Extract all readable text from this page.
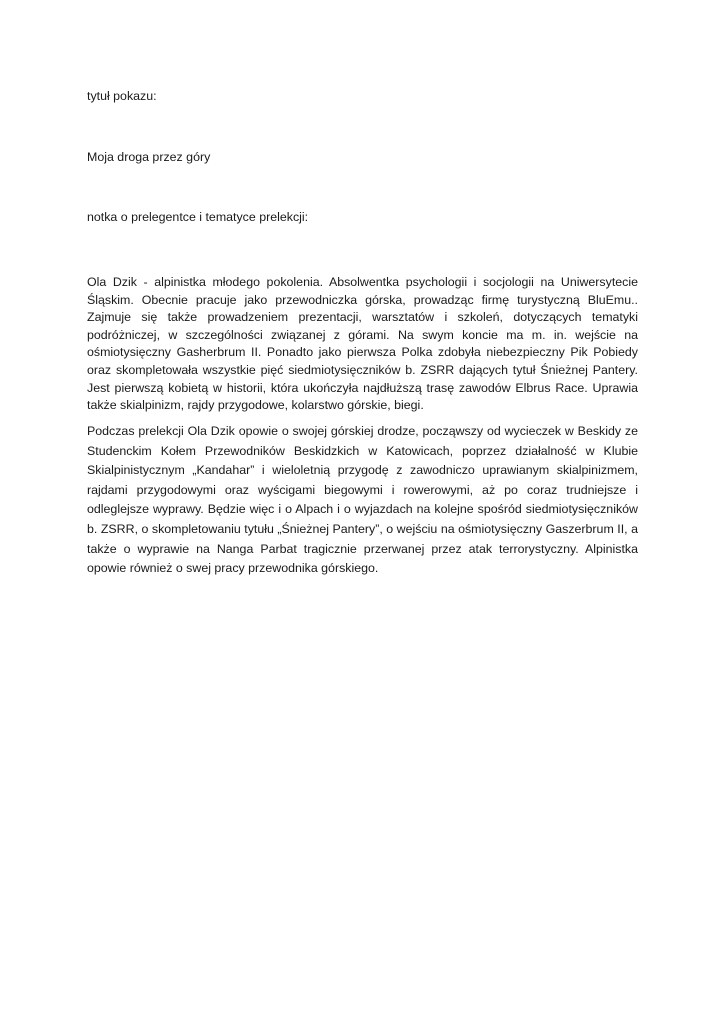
tytuł pokazu:
Moja droga przez góry
notka o prelegentce i tematyce prelekcji:

Ola Dzik - alpinistka młodego pokolenia. Absolwentka psychologii i socjologii na Uniwersytecie Śląskim. Obecnie pracuje jako przewodniczka górska, prowadząc firmę turystyczną BluEmu.. Zajmuje się także prowadzeniem prezentacji, warsztatów i szkoleń, dotyczących tematyki podróżniczej, w szczególności związanej z górami. Na swym koncie ma m. in. wejście na ośmiotysięczny Gasherbrum II. Ponadto jako pierwsza Polka zdobyła niebezpieczny Pik Pobiedy oraz skompletowała wszystkie pięć siedmiotysięczników b. ZSRR dających tytuł Śnieżnej Pantery. Jest pierwszą kobietą w historii, która ukończyła najdłuższą trasę zawodów Elbrus Race. Uprawia także skialpinizm, rajdy przygodowe, kolarstwo górskie, biegi.

Podczas prelekcji Ola Dzik opowie o swojej górskiej drodze, począwszy od wycieczek w Beskidy ze Studenckim Kołem Przewodników Beskidzkich w Katowicach, poprzez działalność w Klubie Skialpinistycznym „Kandahar” i wieloletnią przygodę z zawodniczo uprawianym skialpinizmem, rajdami przygodowymi oraz wyścigami biegowymi i rowerowymi, aż po coraz trudniejsze i odleglejsze wyprawy. Będzie więc i o Alpach i o wyjazdach na kolejne spośród siedmiotysięczników b. ZSRR, o skompletowaniu tytułu „Śnieżnej Pantery”, o wejściu na ośmiotysięczny Gaszerbrum II, a także o wyprawie na Nanga Parbat tragicznie przerwanej przez atak terrorystyczny. Alpinistka opowie również o swej pracy przewodnika górskiego.
